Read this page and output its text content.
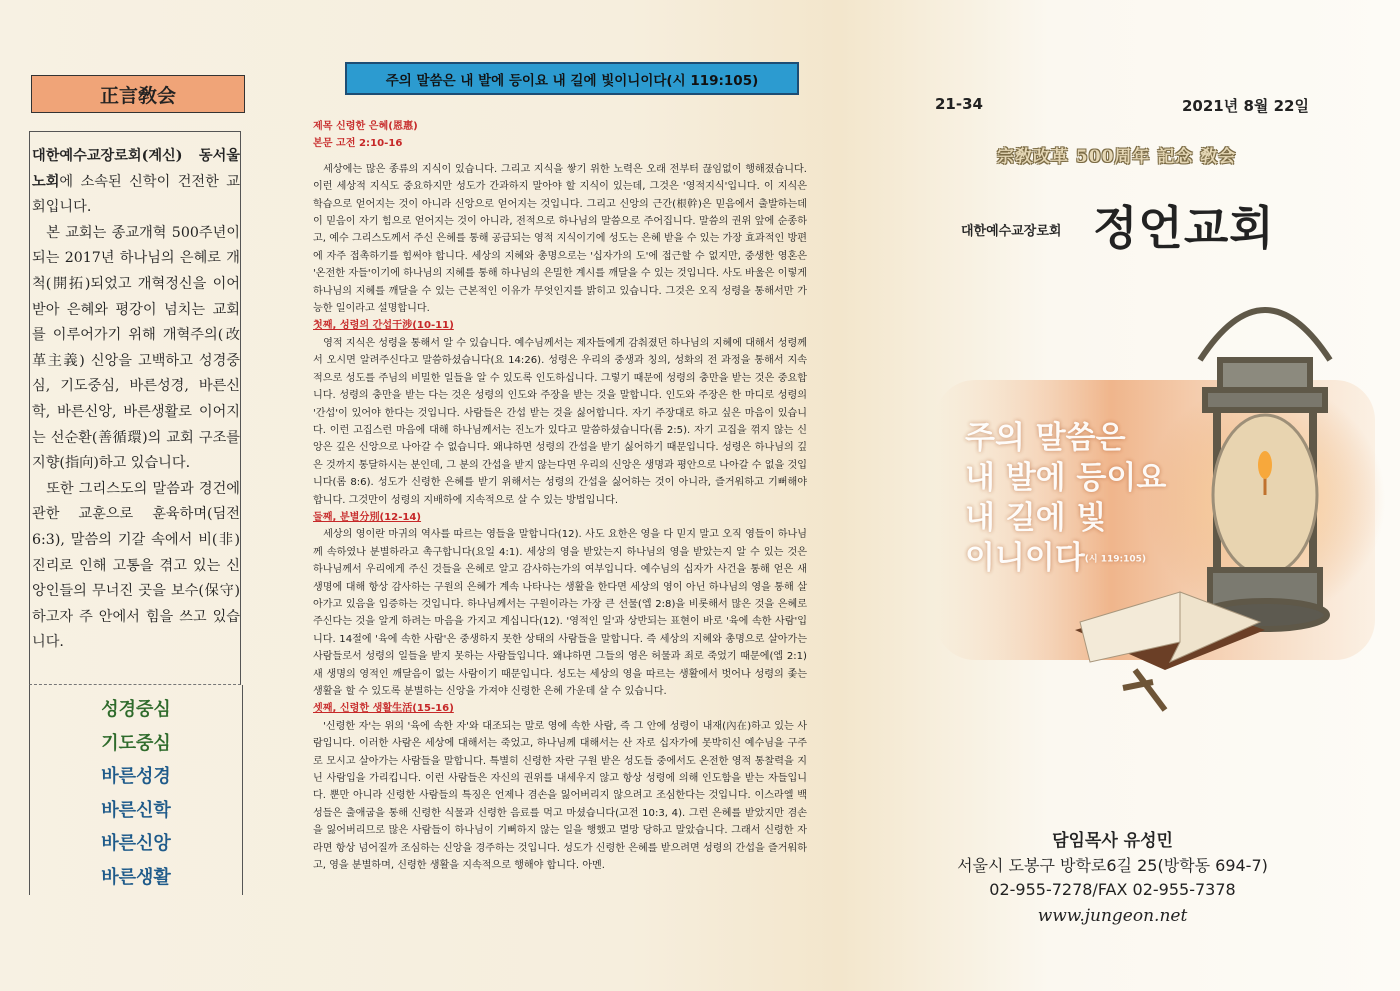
正言敎会

대한예수교장로회(계신) 동서울 노회에 소속된 신학이 건전한 교회입니다.

본 교회는 종교개혁 500주년이 되는 2017년 하나님의 은혜로 개척(開拓)되었고 개혁정신을 이어받아 은혜와 평강이 넘치는 교회를 이루어가기 위해 개혁주의(改革主義) 신앙을 고백하고 성경중심, 기도중심, 바른성경, 바른신학, 바른신앙, 바른생활로 이어지는 선순환(善循環)의 교회 구조를 지향(指向)하고 있습니다.

또한 그리스도의 말씀과 경건에 관한 교훈으로 훈육하며(딤전 6:3), 말씀의 기갈 속에서 비(非) 진리로 인해 고통을 겪고 있는 신앙인들의 무너진 곳을 보수(保守)하고자 주 안에서 힘을 쓰고 있습니다.

성경중심
기도중심
바른성경
바른신학
바른신앙
바른생활
주의 말씀은 내 발에 등이요 내 길에 빛이니이다(시 119:105)

제목 신령한 은혜(恩惠)

본문 고전 2:10-16

세상에는 많은 종류의 지식이 있습니다. 그리고 지식을 쌓기 위한 노력은 오래 전부터 끊임없이 행해졌습니다. 이런 세상적 지식도 중요하지만 성도가 간과하지 말아야 할 지식이 있는데, 그것은 '영적지식'입니다. 이 지식은 학습으로 얻어지는 것이 아니라 신앙으로 얻어지는 것입니다. 그리고 신앙의 근간(根幹)은 믿음에서 출발하는데 이 믿음이 자기 힘으로 얻어지는 것이 아니라, 전적으로 하나님의 말씀으로 주어집니다. 말씀의 권위 앞에 순종하고, 예수 그리스도께서 주신 은혜를 통해 공급되는 영적 지식이기에 성도는 은혜 받을 수 있는 가장 효과적인 방편에 자주 접촉하기를 힘써야 합니다. 세상의 지혜와 총명으로는 '십자가의 도'에 접근할 수 없지만, 중생한 영혼은 '온전한 자들'이기에 하나님의 지혜를 통해 하나님의 은밀한 계시를 깨달을 수 있는 것입니다. 사도 바울은 이렇게 하나님의 지혜를 깨달을 수 있는 근본적인 이유가 무엇인지를 밝히고 있습니다. 그것은 오직 성령을 통해서만 가능한 일이라고 설명합니다.

첫째, 성령의 간섭干涉(10-11)

영적 지식은 성령을 통해서 알 수 있습니다. 예수님께서는 제자들에게 감춰졌던 하나님의 지혜에 대해서 성령께서 오시면 알려주신다고 말씀하셨습니다(요 14:26). 성령은 우리의 중생과 칭의, 성화의 전 과정을 통해서 지속적으로 성도를 주님의 비밀한 일들을 알 수 있도록 인도하십니다. 그렇기 때문에 성령의 충만을 받는 것은 중요합니다. 성령의 충만을 받는 다는 것은 성령의 인도와 주장을 받는 것을 말합니다. 인도와 주장은 한 마디로 성령의 '간섭'이 있어야 한다는 것입니다. 사람들은 간섭 받는 것을 싫어합니다. 자기 주장대로 하고 싶은 마음이 있습니다. 이런 고집스런 마음에 대해 하나님께서는 진노가 있다고 말씀하셨습니다(롬 2:5). 자기 고집을 꺾지 않는 신앙은 깊은 신앙으로 나아갈 수 없습니다. 왜냐하면 성령의 간섭을 받기 싫어하기 때문입니다. 성령은 하나님의 깊은 것까지 통달하시는 분인데, 그 분의 간섭을 받지 않는다면 우리의 신앙은 생명과 평안으로 나아갈 수 없을 것입니다(롬 8:6). 성도가 신령한 은혜를 받기 위해서는 성령의 간섭을 싫어하는 것이 아니라, 즐거워하고 기뻐해야 합니다. 그것만이 성령의 지배하에 지속적으로 살 수 있는 방법입니다.

둘째, 분별分別(12-14)

세상의 영이란 마귀의 역사를 따르는 영들을 말합니다(12). 사도 요한은 영을 다 믿지 말고 오직 영들이 하나님께 속하였나 분별하라고 촉구합니다(요일 4:1). 세상의 영을 받았는지 하나님의 영을 받았는지 알 수 있는 것은 하나님께서 우리에게 주신 것들을 은혜로 알고 감사하는가의 여부입니다. 예수님의 십자가 사건을 통해 얻은 새 생명에 대해 항상 감사하는 구원의 은혜가 계속 나타나는 생활을 한다면 세상의 영이 아닌 하나님의 영을 통해 살아가고 있음을 입증하는 것입니다. 하나님께서는 구원이라는 가장 큰 선물(엡 2:8)을 비롯해서 많은 것을 은혜로 주신다는 것을 알게 하려는 마음을 가지고 계십니다(12). '영적인 일'과 상반되는 표현이 바로 '육에 속한 사람'입니다. 14절에 '육에 속한 사람'은 중생하지 못한 상태의 사람들을 말합니다. 즉 세상의 지혜와 총명으로 살아가는 사람들로서 성령의 일들을 받지 못하는 사람들입니다. 왜냐하면 그들의 영은 허물과 죄로 죽었기 때문에(엡 2:1) 새 생명의 영적인 깨달음이 없는 사람이기 때문입니다. 성도는 세상의 영을 따르는 생활에서 벗어나 성령의 좇는 생활을 할 수 있도록 분별하는 신앙을 가져야 신령한 은혜 가운데 살 수 있습니다.

셋째, 신령한 생활生活(15-16)

'신령한 자'는 위의 '육에 속한 자'와 대조되는 말로 영에 속한 사람, 즉 그 안에 성령이 내재(內在)하고 있는 사람입니다. 이러한 사람은 세상에 대해서는 죽었고, 하나님께 대해서는 산 자로 십자가에 못박히신 예수님을 구주로 모시고 살아가는 사람들을 말합니다. 특별히 신령한 자란 구원 받은 성도들 중에서도 온전한 영적 통찰력을 지닌 사람입을 가리킵니다. 이런 사람들은 자신의 권위를 내세우지 않고 항상 성령에 의해 인도함을 받는 자들입니다. 뿐만 아니라 신령한 사람들의 특징은 언제나 겸손을 잃어버리지 않으려고 조심한다는 것입니다. 이스라엘 백성들은 출애굽을 통해 신령한 식물과 신령한 음료를 먹고 마셨습니다(고전 10:3, 4). 그런 은혜를 받았지만 겸손을 잃어버리므로 많은 사람들이 하나님이 기뻐하지 않는 일을 행했고 멸망 당하고 말았습니다. 그래서 신령한 자라면 항상 넘어질까 조심하는 신앙을 경주하는 것입니다. 성도가 신령한 은혜를 받으려면 성령의 간섭을 즐거워하고, 영을 분별하며, 신령한 생활을 지속적으로 행해야 합니다. 아멘.

21-34	2021년 8월 22일
宗敎改革 500周年 記念 敎会
대한예수교장로회 정언교회
주의 말씀은
내 발에 등이요
내 길에 빛
이니이다(시 119:105)
담임목사 유성민
서울시 도봉구 방학로6길 25(방학동 694-7)
02-955-7278/FAX 02-955-7378
www.jungeon.net
